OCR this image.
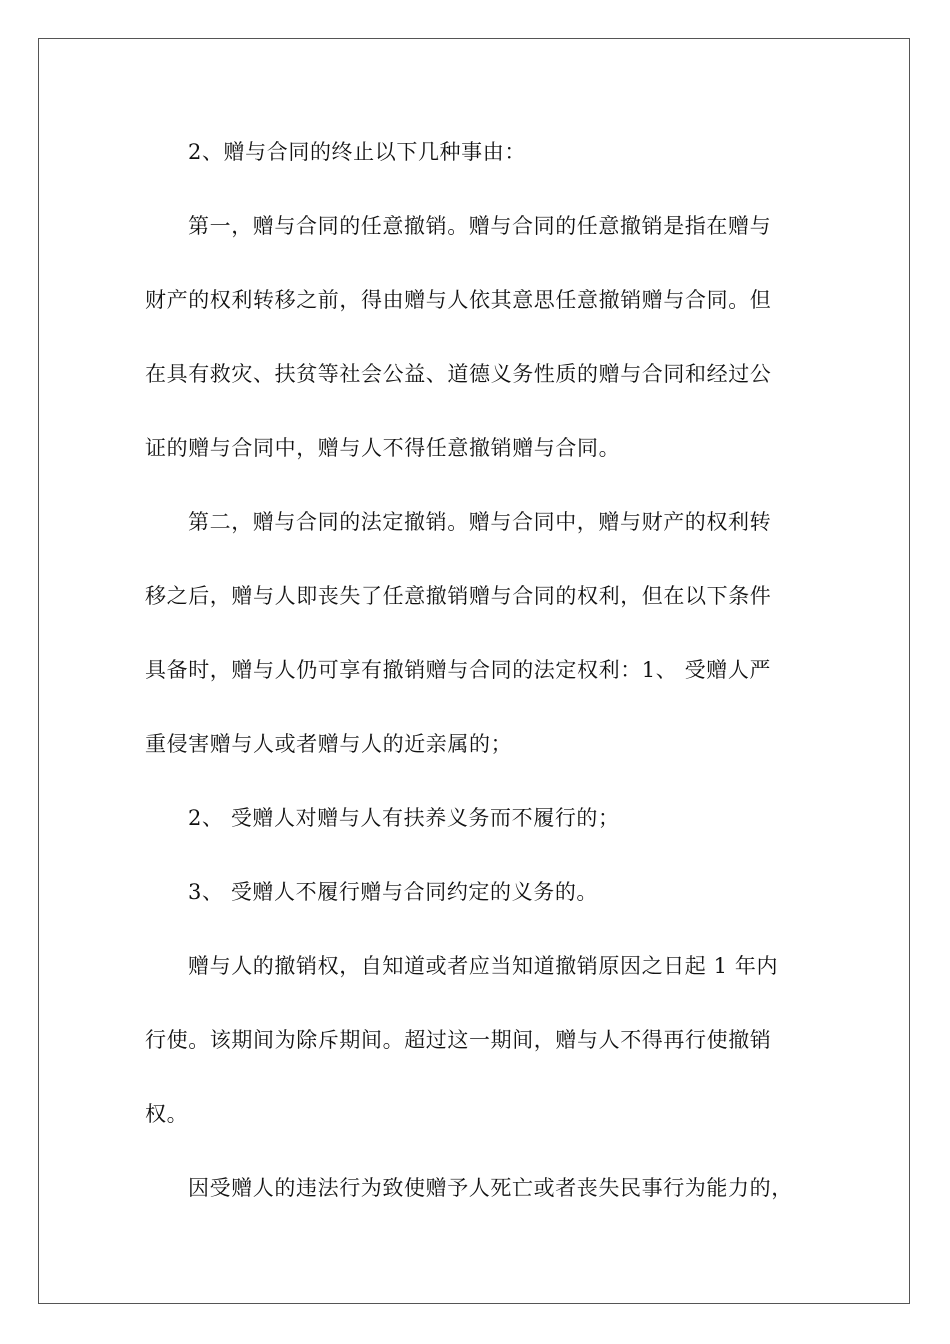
2、赠与合同的终止以下几种事由：
第一，赠与合同的任意撤销。赠与合同的任意撤销是指在赠与
财产的权利转移之前，得由赠与人依其意思任意撤销赠与合同。但
在具有救灾、扶贫等社会公益、道德义务性质的赠与合同和经过公
证的赠与合同中，赠与人不得任意撤销赠与合同。
第二，赠与合同的法定撤销。赠与合同中，赠与财产的权利转
移之后，赠与人即丧失了任意撤销赠与合同的权利，但在以下条件
具备时，赠与人仍可享有撤销赠与合同的法定权利：1、 受赠人严
重侵害赠与人或者赠与人的近亲属的；
2、 受赠人对赠与人有扶养义务而不履行的；
3、 受赠人不履行赠与合同约定的义务的。
赠与人的撤销权，自知道或者应当知道撤销原因之日起 1 年内
行使。该期间为除斥期间。超过这一期间，赠与人不得再行使撤销
权。
因受赠人的违法行为致使赠予人死亡或者丧失民事行为能力的，
